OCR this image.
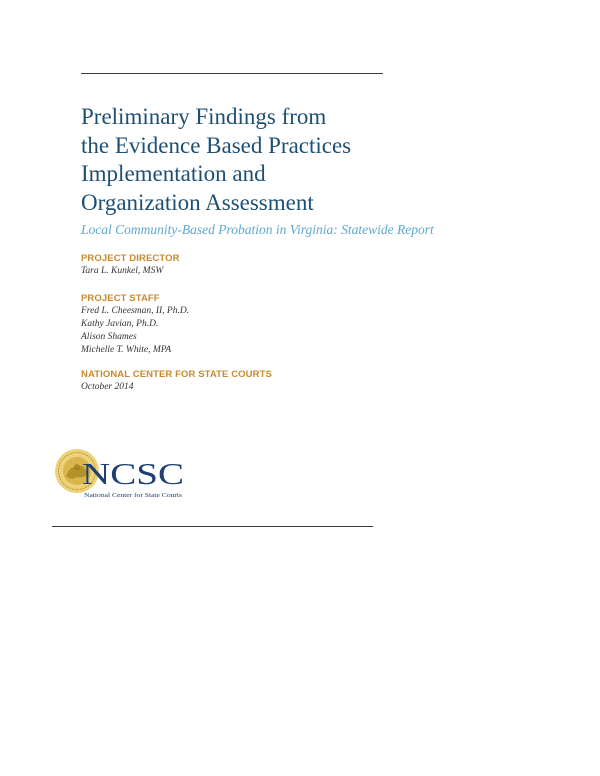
Preliminary Findings from
the Evidence Based Practices
Implementation and
Organization Assessment
Local Community-Based Probation in Virginia: Statewide Report
PROJECT DIRECTOR
Tara L. Kunkel, MSW
PROJECT STAFF
Fred L. Cheesman, II, Ph.D.
Kathy Javian, Ph.D.
Alison Shames
Michelle T. White, MPA
NATIONAL CENTER FOR STATE COURTS
October 2014
NCSC
National Center for State Courts
